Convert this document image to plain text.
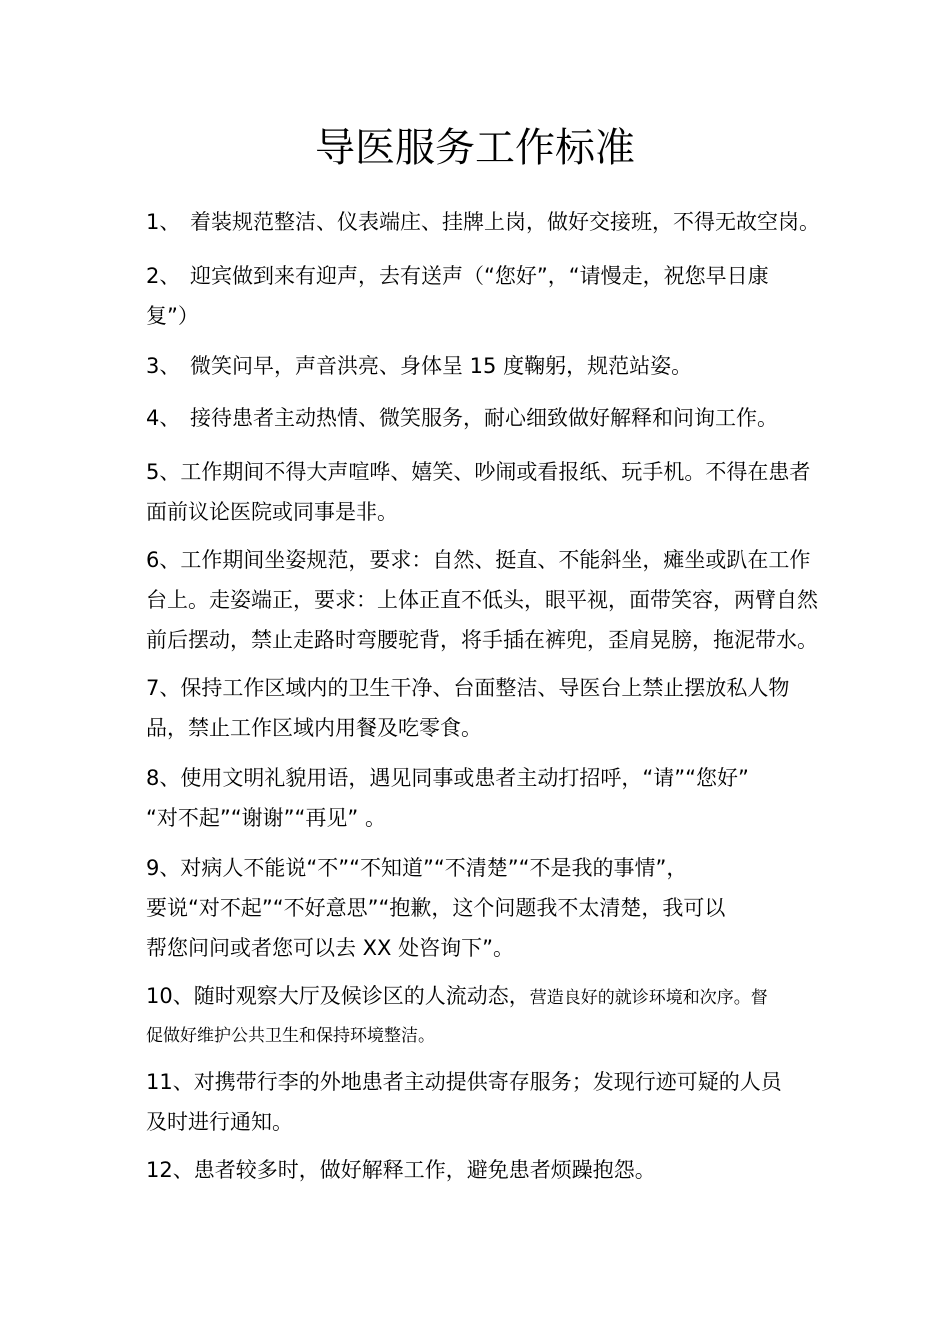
导医服务工作标准
1、 着装规范整洁、仪表端庄、挂牌上岗，做好交接班，不得无故空岗。
2、 迎宾做到来有迎声，去有送声（“您好”，“请慢走，祝您早日康
复”）
3、 微笑问早，声音洪亮、身体呈 15 度鞠躬，规范站姿。
4、 接待患者主动热情、微笑服务，耐心细致做好解释和问询工作。
5、工作期间不得大声喧哗、嬉笑、吵闹或看报纸、玩手机。不得在患者
面前议论医院或同事是非。
6、工作期间坐姿规范，要求：自然、挺直、不能斜坐，瘫坐或趴在工作
台上。走姿端正，要求：上体正直不低头，眼平视，面带笑容，两臂自然
前后摆动，禁止走路时弯腰驼背，将手插在裤兜，歪肩晃膀，拖泥带水。
7、保持工作区域内的卫生干净、台面整洁、导医台上禁止摆放私人物
品，禁止工作区域内用餐及吃零食。
8、使用文明礼貌用语，遇见同事或患者主动打招呼，“请”“您好”
“对不起”“谢谢”“再见” 。
9、对病人不能说“不”“不知道”“不清楚”“不是我的事情”，
要说“对不起”“不好意思”“抱歉，这个问题我不太清楚，我可以
帮您问问或者您可以去 XX 处咨询下”。
10、随时观察大厅及候诊区的人流动态，营造良好的就诊环境和次序。督
促做好维护公共卫生和保持环境整洁。
11、对携带行李的外地患者主动提供寄存服务；发现行迹可疑的人员
及时进行通知。
12、患者较多时，做好解释工作，避免患者烦躁抱怨。
